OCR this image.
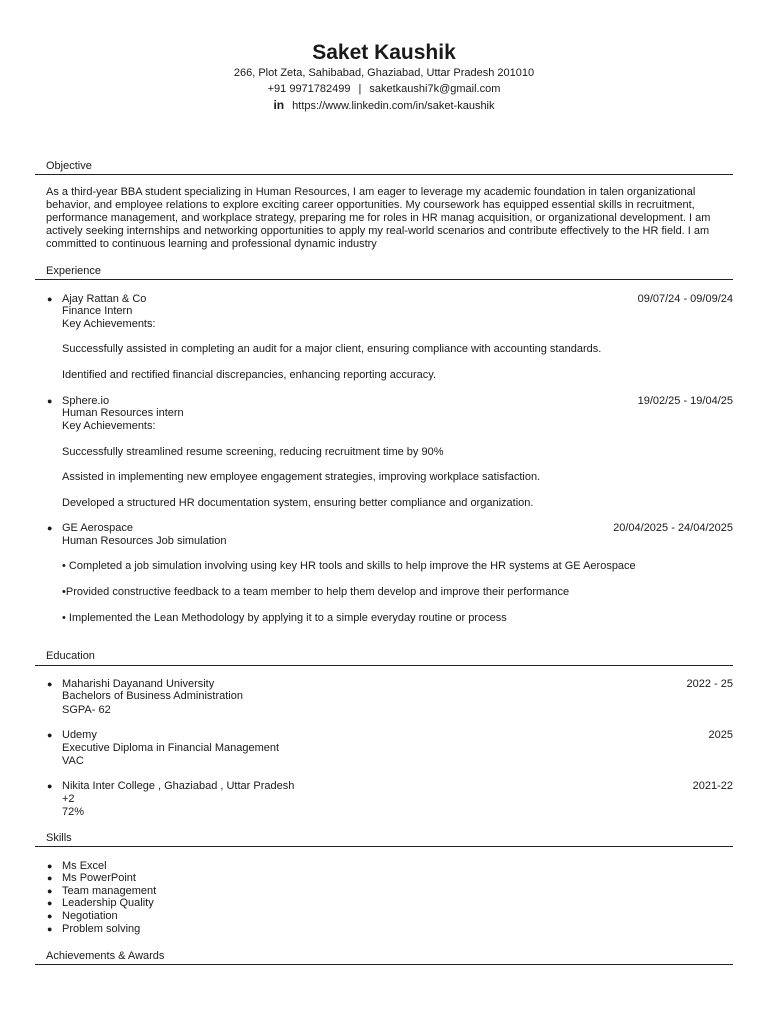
Saket Kaushik
266, Plot Zeta, Sahibabad, Ghaziabad, Uttar Pradesh 201010
+91 9971782499 | saketkaushi7k@gmail.com
in https://www.linkedin.com/in/saket-kaushik
Objective
As a third-year BBA student specializing in Human Resources, I am eager to leverage my academic foundation in talen organizational behavior, and employee relations to explore exciting career opportunities. My coursework has equipped essential skills in recruitment, performance management, and workplace strategy, preparing me for roles in HR manag acquisition, or organizational development. I am actively seeking internships and networking opportunities to apply my real-world scenarios and contribute effectively to the HR field. I am committed to continuous learning and professional dynamic industry
Experience
● Ajay Rattan & Co	09/07/24 - 09/09/24
Finance Intern
Key Achievements:
Successfully assisted in completing an audit for a major client, ensuring compliance with accounting standards.
Identified and rectified financial discrepancies, enhancing reporting accuracy.
● Sphere.io	19/02/25 - 19/04/25
Human Resources intern
Key Achievements:
Successfully streamlined resume screening, reducing recruitment time by 90%
Assisted in implementing new employee engagement strategies, improving workplace satisfaction.
Developed a structured HR documentation system, ensuring better compliance and organization.
● GE Aerospace	20/04/2025 - 24/04/2025
Human Resources Job simulation
• Completed a job simulation involving using key HR tools and skills to help improve the HR systems at GE Aerospace
•Provided constructive feedback to a team member to help them develop and improve their performance
• Implemented the Lean Methodology by applying it to a simple everyday routine or process
Education
● Maharishi Dayanand University	2022 - 25
Bachelors of Business Administration
SGPA- 62
● Udemy	2025
Executive Diploma in Financial Management
VAC
● Nikita Inter College , Ghaziabad , Uttar Pradesh	2021-22
+2
72%
Skills
● Ms Excel
● Ms PowerPoint
● Team management
● Leadership Quality
● Negotiation
● Problem solving
Achievements & Awards
